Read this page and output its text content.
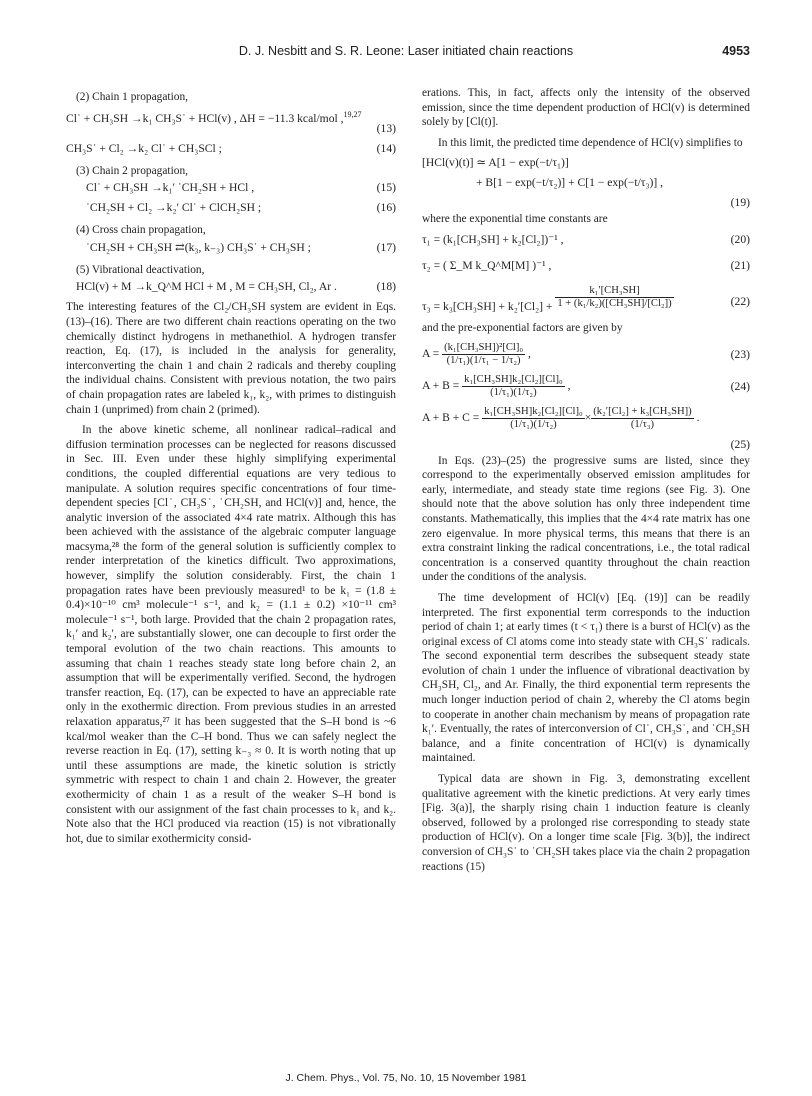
D. J. Nesbitt and S. R. Leone: Laser initiated chain reactions	4953
(2) Chain 1 propagation,
Cl˙ + CH₃SH →k₁ CH₃S˙ + HCl(v) , ΔH = −11.3 kcal/mol ,$^{19,27}$
(13)
CH₃S˙ + Cl₂ →k₂ Cl˙ + CH₃SCl ;	(14)
(3) Chain 2 propagation,
Cl˙ + CH₃SH →k₁′ ˙CH₂SH + HCl ,	(15)
˙CH₂SH + Cl₂ →k₂′ Cl˙ + ClCH₂SH ;	(16)
(4) Cross chain propagation,
˙CH₂SH + CH₃SH ⇄(k₃, k₋₃) CH₃S˙ + CH₃SH ;	(17)
(5) Vibrational deactivation,
HCl(v) + M →k_Q^M HCl + M , M = CH₃SH, Cl₂, Ar .	(18)

The interesting features of the Cl₂/CH₃SH system are evident in Eqs. (13)–(16). There are two different chain reactions operating on the two chemically distinct hydrogens in methanethiol. A hydrogen transfer reaction, Eq. (17), is included in the analysis for generality, interconverting the chain 1 and chain 2 radicals and thereby coupling the individual chains. Consistent with previous notation, the two pairs of chain propagation rates are labeled k₁, k₂, with primes to distinguish chain 1 (unprimed) from chain 2 (primed).

In the above kinetic scheme, all nonlinear radical–radical and diffusion termination processes can be neglected for reasons discussed in Sec. III. Even under these highly simplifying experimental conditions, the coupled differential equations are very tedious to manipulate. A solution requires specific concentrations of four time-dependent species [Cl˙, CH₃S˙, ˙CH₂SH, and HCl(v)] and, hence, the analytic inversion of the associated 4×4 rate matrix. Although this has been achieved with the assistance of the algebraic computer language macsyma,²⁸ the form of the general solution is sufficiently complex to render interpretation of the kinetics difficult. Two approximations, however, simplify the solution considerably. First, the chain 1 propagation rates have been previously measured¹ to be k₁ = (1.8 ± 0.4)×10⁻¹⁰ cm³ molecule⁻¹ s⁻¹, and k₂ = (1.1 ± 0.2) ×10⁻¹¹ cm³ molecule⁻¹ s⁻¹, both large. Provided that the chain 2 propagation rates, k₁′ and k₂′, are substantially slower, one can decouple to first order the temporal evolution of the two chain reactions. This amounts to assuming that chain 1 reaches steady state long before chain 2, an assumption that will be experimentally verified. Second, the hydrogen transfer reaction, Eq. (17), can be expected to have an appreciable rate only in the exothermic direction. From previous studies in an arrested relaxation apparatus,²⁷ it has been suggested that the S–H bond is ~6 kcal/mol weaker than the C–H bond. Thus we can safely neglect the reverse reaction in Eq. (17), setting k₋₃ ≈ 0. It is worth noting that up until these assumptions are made, the kinetic solution is strictly symmetric with respect to chain 1 and chain 2. However, the greater exothermicity of chain 1 as a result of the weaker S–H bond is consistent with our assignment of the fast chain processes to k₁ and k₂. Note also that the HCl produced via reaction (15) is not vibrationally hot, due to similar exothermicity consid-

erations. This, in fact, affects only the intensity of the observed emission, since the time dependent production of HCl(v) is determined solely by [Cl(t)].

In this limit, the predicted time dependence of HCl(v) simplifies to

[HCl(v)(t)] ≃ A[1 − exp(−t/τ₁)]
+ B[1 − exp(−t/τ₂)] + C[1 − exp(−t/τ₃)] ,
(19)

where the exponential time constants are

τ₁ = (k₁[CH₃SH] + k₂[Cl₂])⁻¹ ,	(20)
τ₂ = ( Σ_M k_Q^M[M] )⁻¹ ,	(21)
$\tau_3 = k_3[CH_3SH] + k_2'[Cl_2] + \frac{\text{k₁′[CH₃SH]}}{\text{1 + (k₁/k₂)([CH₃SH]/[Cl₂])}}$	(22)

and the pre-exponential factors are given by

$A = \frac{\text{(k₁[CH₃SH])²[Cl]₀}}{\text{(1/τ₁)(1/τ₁ − 1/τ₂)}}$ ,	(23)
$A + B = \frac{\text{k₁[CH₃SH]k₂[Cl₂][Cl]₀}}{\text{(1/τ₁)(1/τ₂)}}$ ,	(24)
$A + B + C = \frac{\text{k₁[CH₃SH]k₂[Cl₂][Cl]₀}}{\text{(1/τ₁)(1/τ₂)}} \times \frac{\text{(k₂′[Cl₂] + k₃[CH₃SH])}}{\text{(1/τ₃)}}$ .
(25)

In Eqs. (23)–(25) the progressive sums are listed, since they correspond to the experimentally observed emission amplitudes for early, intermediate, and steady state time regions (see Fig. 3). One should note that the above solution has only three independent time constants. Mathematically, this implies that the 4×4 rate matrix has one zero eigenvalue. In more physical terms, this means that there is an extra constraint linking the radical concentrations, i.e., the total radical concentration is a conserved quantity throughout the chain reaction under the conditions of the analysis.

The time development of HCl(v) [Eq. (19)] can be readily interpreted. The first exponential term corresponds to the induction period of chain 1; at early times (t < τ₁) there is a burst of HCl(v) as the original excess of Cl atoms come into steady state with CH₃S˙ radicals. The second exponential term describes the subsequent steady state evolution of chain 1 under the influence of vibrational deactivation by CH₃SH, Cl₂, and Ar. Finally, the third exponential term represents the much longer induction period of chain 2, whereby the Cl atoms begin to cooperate in another chain mechanism by means of propagation rate k₁′. Eventually, the rates of interconversion of Cl˙, CH₃S˙, and ˙CH₂SH balance, and a finite concentration of HCl(v) is dynamically maintained.

Typical data are shown in Fig. 3, demonstrating excellent qualitative agreement with the kinetic predictions. At very early times [Fig. 3(a)], the sharply rising chain 1 induction feature is cleanly observed, followed by a prolonged rise corresponding to steady state production of HCl(v). On a longer time scale [Fig. 3(b)], the indirect conversion of CH₃S˙ to ˙CH₂SH takes place via the chain 2 propagation reactions (15)

J. Chem. Phys., Vol. 75, No. 10, 15 November 1981
